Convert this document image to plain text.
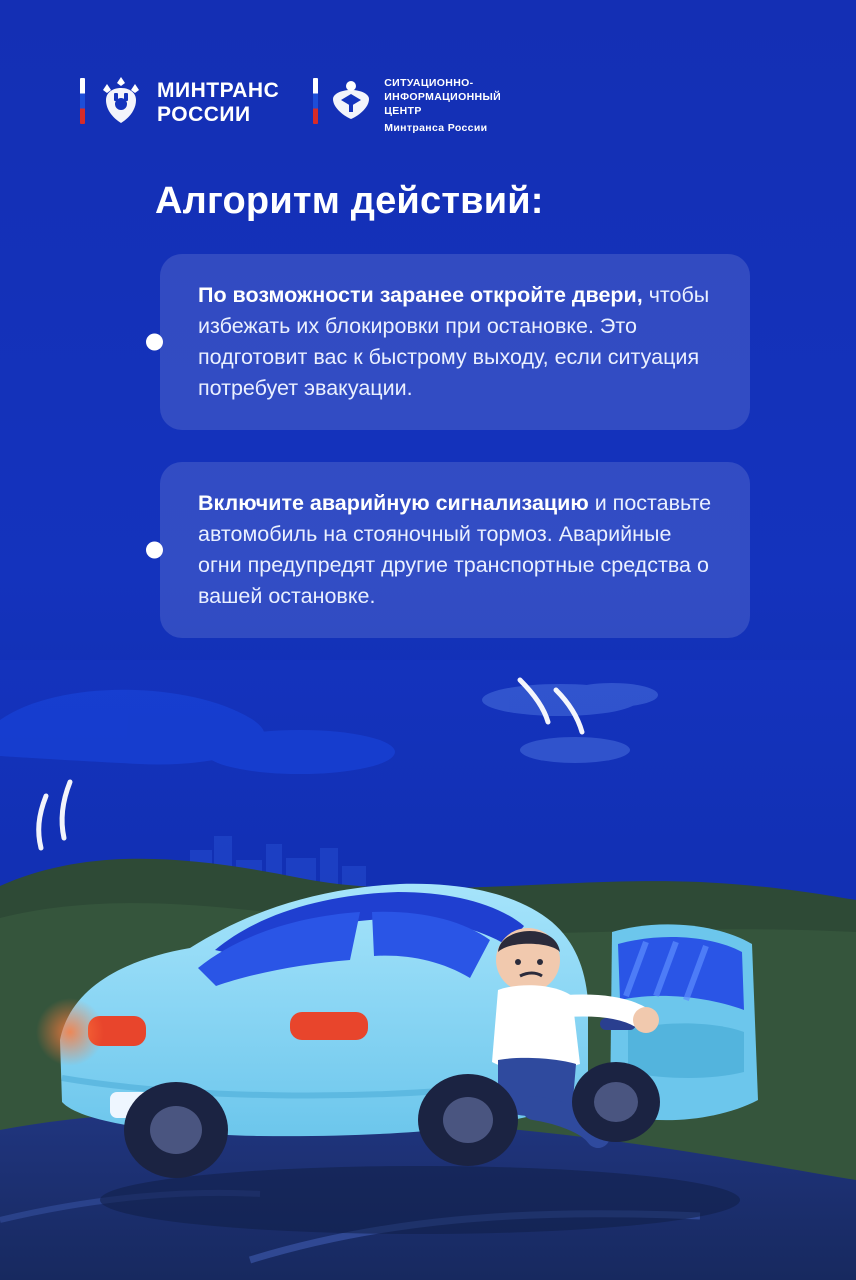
МИНТРАНС
РОССИИ
СИТУАЦИОННО-
ИНФОРМАЦИОННЫЙ
ЦЕНТР
Минтранса России
Алгоритм действий:
По возможности заранее откройте двери, чтобы избежать их блокировки при остановке. Это подготовит вас к быстрому выходу, если ситуация потребует эвакуации.
Включите аварийную сигнализацию и поставьте автомобиль на стояночный тормоз. Аварийные огни предупредят другие транспортные средства о вашей остановке.
